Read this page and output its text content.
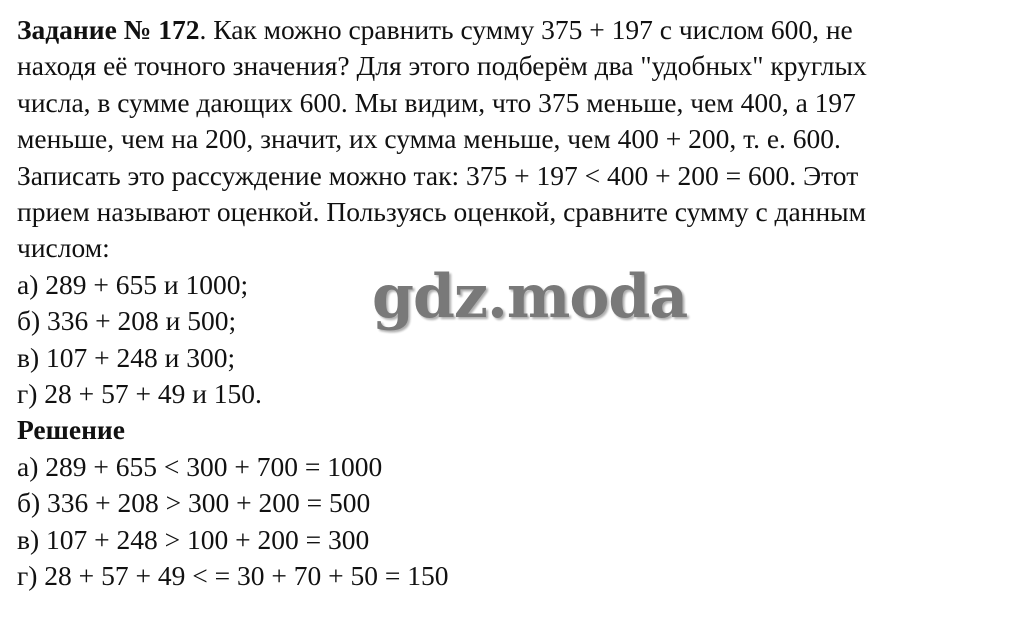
Задание № 172. Как можно сравнить сумму 375 + 197 с числом 600, не
находя её точного значения? Для этого подберём два "удобных" круглых
числа, в сумме дающих 600. Мы видим, что 375 меньше, чем 400, а 197
меньше, чем на 200, значит, их сумма меньше, чем 400 + 200, т. е. 600.
Записать это рассуждение можно так: 375 + 197 < 400 + 200 = 600. Этот
прием называют оценкой. Пользуясь оценкой, сравните сумму с данным
числом:
а) 289 + 655 и 1000;
б) 336 + 208 и 500;
в) 107 + 248 и 300;
г) 28 + 57 + 49 и 150.
Решение
а) 289 + 655 < 300 + 700 = 1000
б) 336 + 208 > 300 + 200 = 500
в) 107 + 248 > 100 + 200 = 300
г) 28 + 57 + 49 < = 30 + 70 + 50 = 150
gdz.moda
